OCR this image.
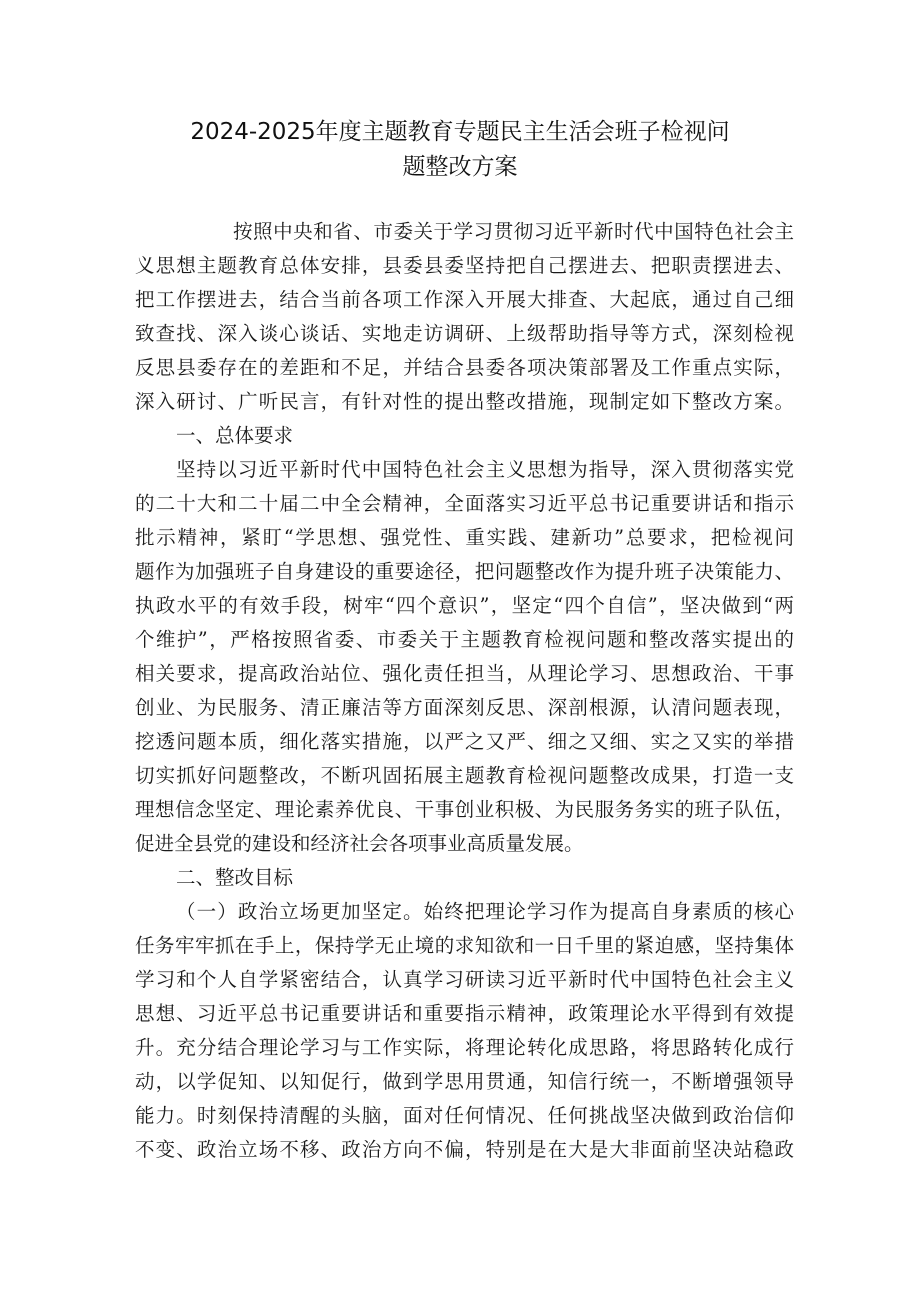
2024-2025年度主题教育专题民主生活会班子检视问
题整改方案
按照中央和省、市委关于学习贯彻习近平新时代中国特色社会主
义思想主题教育总体安排，县委县委坚持把自己摆进去、把职责摆进去、
把工作摆进去，结合当前各项工作深入开展大排查、大起底，通过自己细
致查找、深入谈心谈话、实地走访调研、上级帮助指导等方式，深刻检视
反思县委存在的差距和不足，并结合县委各项决策部署及工作重点实际，
深入研讨、广听民言，有针对性的提出整改措施，现制定如下整改方案。
一、总体要求
坚持以习近平新时代中国特色社会主义思想为指导，深入贯彻落实党
的二十大和二十届二中全会精神，全面落实习近平总书记重要讲话和指示
批示精神，紧盯“学思想、强党性、重实践、建新功”总要求，把检视问
题作为加强班子自身建设的重要途径，把问题整改作为提升班子决策能力、
执政水平的有效手段，树牢“四个意识”，坚定“四个自信”，坚决做到“两
个维护”，严格按照省委、市委关于主题教育检视问题和整改落实提出的
相关要求，提高政治站位、强化责任担当，从理论学习、思想政治、干事
创业、为民服务、清正廉洁等方面深刻反思、深剖根源，认清问题表现，
挖透问题本质，细化落实措施，以严之又严、细之又细、实之又实的举措
切实抓好问题整改，不断巩固拓展主题教育检视问题整改成果，打造一支
理想信念坚定、理论素养优良、干事创业积极、为民服务务实的班子队伍，
促进全县党的建设和经济社会各项事业高质量发展。
二、整改目标
（一）政治立场更加坚定。始终把理论学习作为提高自身素质的核心
任务牢牢抓在手上，保持学无止境的求知欲和一日千里的紧迫感，坚持集体
学习和个人自学紧密结合，认真学习研读习近平新时代中国特色社会主义
思想、习近平总书记重要讲话和重要指示精神，政策理论水平得到有效提
升。充分结合理论学习与工作实际，将理论转化成思路，将思路转化成行
动，以学促知、以知促行，做到学思用贯通，知信行统一，不断增强领导
能力。时刻保持清醒的头脑，面对任何情况、任何挑战坚决做到政治信仰
不变、政治立场不移、政治方向不偏，特别是在大是大非面前坚决站稳政
